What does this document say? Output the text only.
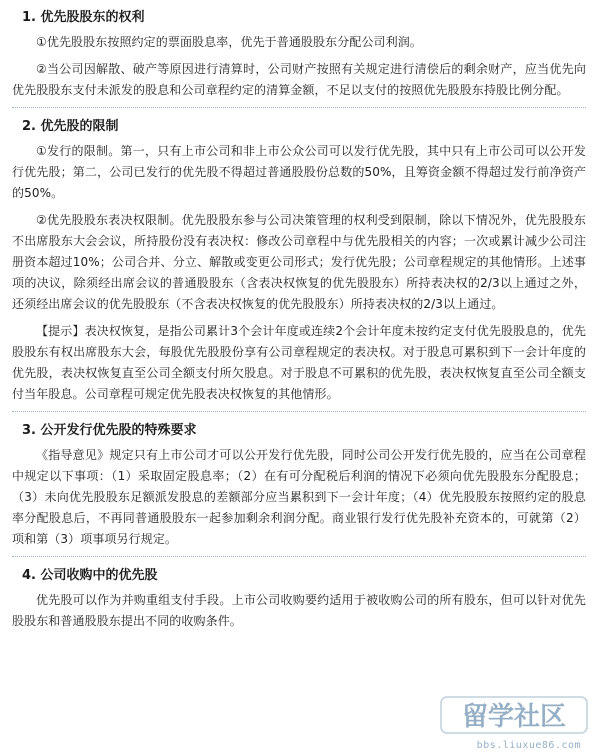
1. 优先股股东的权利

①优先股股东按照约定的票面股息率，优先于普通股股东分配公司利润。

②当公司因解散、破产等原因进行清算时，公司财产按照有关规定进行清偿后的剩余财产，应当优先向优先股股东支付未派发的股息和公司章程约定的清算金额，不足以支付的按照优先股股东持股比例分配。

2. 优先股的限制

①发行的限制。第一，只有上市公司和非上市公众公司可以发行优先股，其中只有上市公司可以公开发行优先股；第二，公司已发行的优先股不得超过普通股股份总数的50%，且筹资金额不得超过发行前净资产的50%。

②优先股股东表决权限制。优先股股东参与公司决策管理的权利受到限制，除以下情况外，优先股股东不出席股东大会会议，所持股份没有表决权：修改公司章程中与优先股相关的内容；一次或累计减少公司注册资本超过10%；公司合并、分立、解散或变更公司形式；发行优先股；公司章程规定的其他情形。上述事项的决议，除须经出席会议的普通股股东（含表决权恢复的优先股股东）所持表决权的2/3以上通过之外，还须经出席会议的优先股股东（不含表决权恢复的优先股股东）所持表决权的2/3以上通过。

【提示】表决权恢复，是指公司累计3个会计年度或连续2个会计年度未按约定支付优先股股息的，优先股股东有权出席股东大会，每股优先股股份享有公司章程规定的表决权。对于股息可累积到下一会计年度的优先股，表决权恢复直至公司全额支付所欠股息。对于股息不可累积的优先股，表决权恢复直至公司全额支付当年股息。公司章程可规定优先股表决权恢复的其他情形。

3. 公开发行优先股的特殊要求

《指导意见》规定只有上市公司才可以公开发行优先股，同时公司公开发行优先股的，应当在公司章程中规定以下事项：（1）采取固定股息率；（2）在有可分配税后利润的情况下必须向优先股股东分配股息；（3）未向优先股股东足额派发股息的差额部分应当累积到下一会计年度；（4）优先股股东按照约定的股息率分配股息后，不再同普通股股东一起参加剩余利润分配。商业银行发行优先股补充资本的，可就第（2）项和第（3）项事项另行规定。

4. 公司收购中的优先股

优先股可以作为并购重组支付手段。上市公司收购要约适用于被收购公司的所有股东，但可以针对优先股股东和普通股股东提出不同的收购条件。

留学社区
bbs.liuxue86.com
